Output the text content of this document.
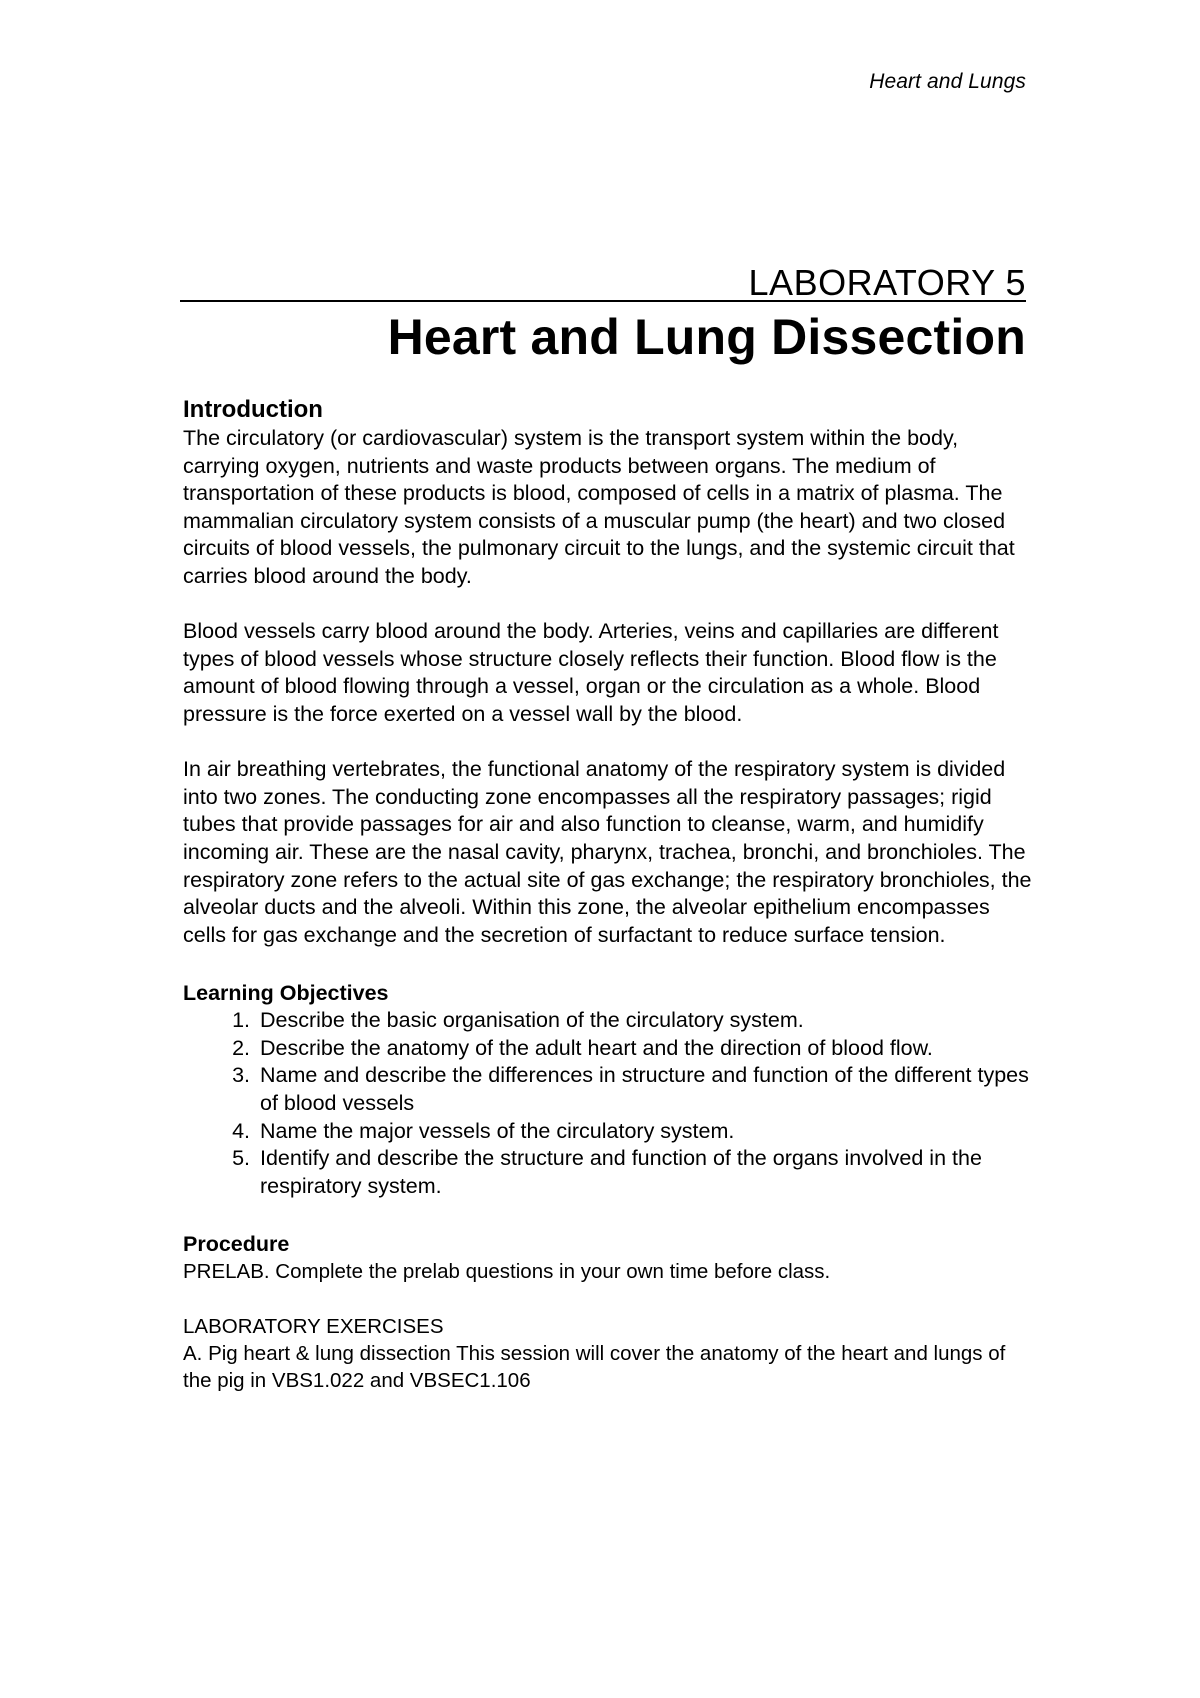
Heart and Lungs
LABORATORY 5
Heart and Lung Dissection
Introduction

The circulatory (or cardiovascular) system is the transport system within the body, carrying oxygen, nutrients and waste products between organs. The medium of transportation of these products is blood, composed of cells in a matrix of plasma. The mammalian circulatory system consists of a muscular pump (the heart) and two closed circuits of blood vessels, the pulmonary circuit to the lungs, and the systemic circuit that carries blood around the body.

Blood vessels carry blood around the body. Arteries, veins and capillaries are different types of blood vessels whose structure closely reflects their function. Blood flow is the amount of blood flowing through a vessel, organ or the circulation as a whole. Blood pressure is the force exerted on a vessel wall by the blood.

In air breathing vertebrates, the functional anatomy of the respiratory system is divided into two zones. The conducting zone encompasses all the respiratory passages; rigid tubes that provide passages for air and also function to cleanse, warm, and humidify incoming air. These are the nasal cavity, pharynx, trachea, bronchi, and bronchioles. The respiratory zone refers to the actual site of gas exchange; the respiratory bronchioles, the alveolar ducts and the alveoli. Within this zone, the alveolar epithelium encompasses cells for gas exchange and the secretion of surfactant to reduce surface tension.

Learning Objectives
1. Describe the basic organisation of the circulatory system.
2. Describe the anatomy of the adult heart and the direction of blood flow.
3. Name and describe the differences in structure and function of the different types of blood vessels
4. Name the major vessels of the circulatory system.
5. Identify and describe the structure and function of the organs involved in the respiratory system.
Procedure

PRELAB. Complete the prelab questions in your own time before class.

LABORATORY EXERCISES

A. Pig heart & lung dissection This session will cover the anatomy of the heart and lungs of the pig in VBS1.022 and VBSEC1.106
